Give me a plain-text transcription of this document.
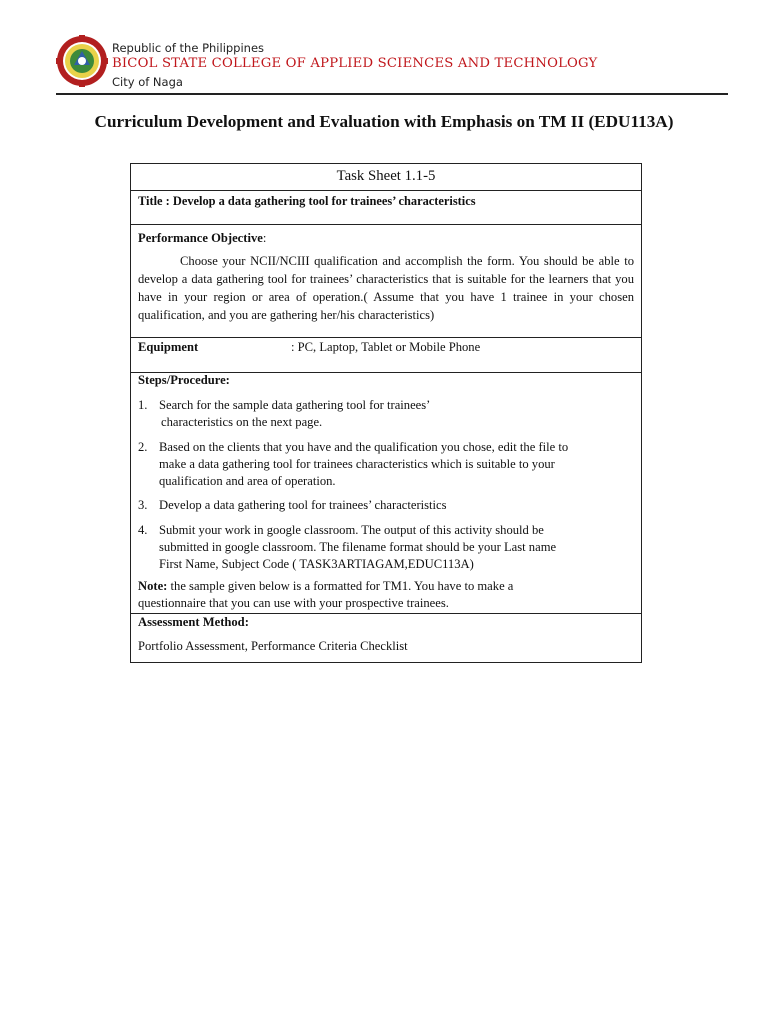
Republic of the Philippines
BICOL STATE COLLEGE OF APPLIED SCIENCES AND TECHNOLOGY
City of Naga
Curriculum Development and Evaluation with Emphasis on TM II (EDU113A)
Task Sheet 1.1-5
Title : Develop a data gathering tool for trainees’ characteristics
Performance Objective:

Choose your NCII/NCIII qualification and accomplish the form. You should be able to develop a data gathering tool for trainees’ characteristics that is suitable for the learners that you have in your region or area of operation.( Assume that you have 1 trainee in your chosen qualification, and you are gathering her/his characteristics)

Equipment	: PC, Laptop, Tablet or Mobile Phone
Steps/Procedure:
1. Search for the sample data gathering tool for trainees’
characteristics on the next page.
2. Based on the clients that you have and the qualification you chose, edit the file to
make a data gathering tool for trainees characteristics which is suitable to your
qualification and area of operation.
3. Develop a data gathering tool for trainees’ characteristics
4. Submit your work in google classroom. The output of this activity should be
submitted in google classroom. The filename format should be your Last name
First Name, Subject Code ( TASK3ARTIAGAM,EDUC113A)
Note: the sample given below is a formatted for TM1. You have to make a
questionnaire that you can use with your prospective trainees.
Assessment Method:
Portfolio Assessment, Performance Criteria Checklist
